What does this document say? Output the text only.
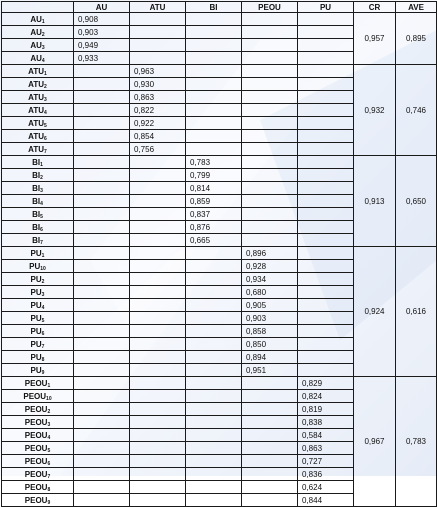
	AU	ATU	BI	PEOU	PU	CR	AVE
$AU_1$	0,908					0,957	0,895
$AU_2$	0,903						
$AU_3$	0,949						
$AU_4$	0,933						
$ATU_1$		0,963				0,932	0,746
$ATU_2$		0,930					
$ATU_3$		0,863					
$ATU_4$		0,822					
$ATU_5$		0,922					
$ATU_6$		0,854					
$ATU_7$		0,756					
$BI_1$			0,783			0,913	0,650
$BI_2$			0,799				
$BI_3$			0,814				
$BI_4$			0,859				
$BI_5$			0,837				
$BI_6$			0,876				
$BI_7$			0,665				
$PU_1$				0,896		0,924	0,616
$PU_{10}$				0,928			
$PU_2$				0,934			
$PU_3$				0,680			
$PU_4$				0,905			
$PU_5$				0,903			
$PU_6$				0,858			
$PU_7$				0,850			
$PU_8$				0,894			
$PU_9$				0,951			
$PEOU_1$					0,829	0,967	0,783
$PEOU_{10}$					0,824		
$PEOU_2$					0,819		
$PEOU_3$					0,838		
$PEOU_4$					0,584		
$PEOU_5$					0,863		
$PEOU_6$					0,727		
$PEOU_7$					0,836		
$PEOU_8$					0,624		
$PEOU_9$					0,844		
